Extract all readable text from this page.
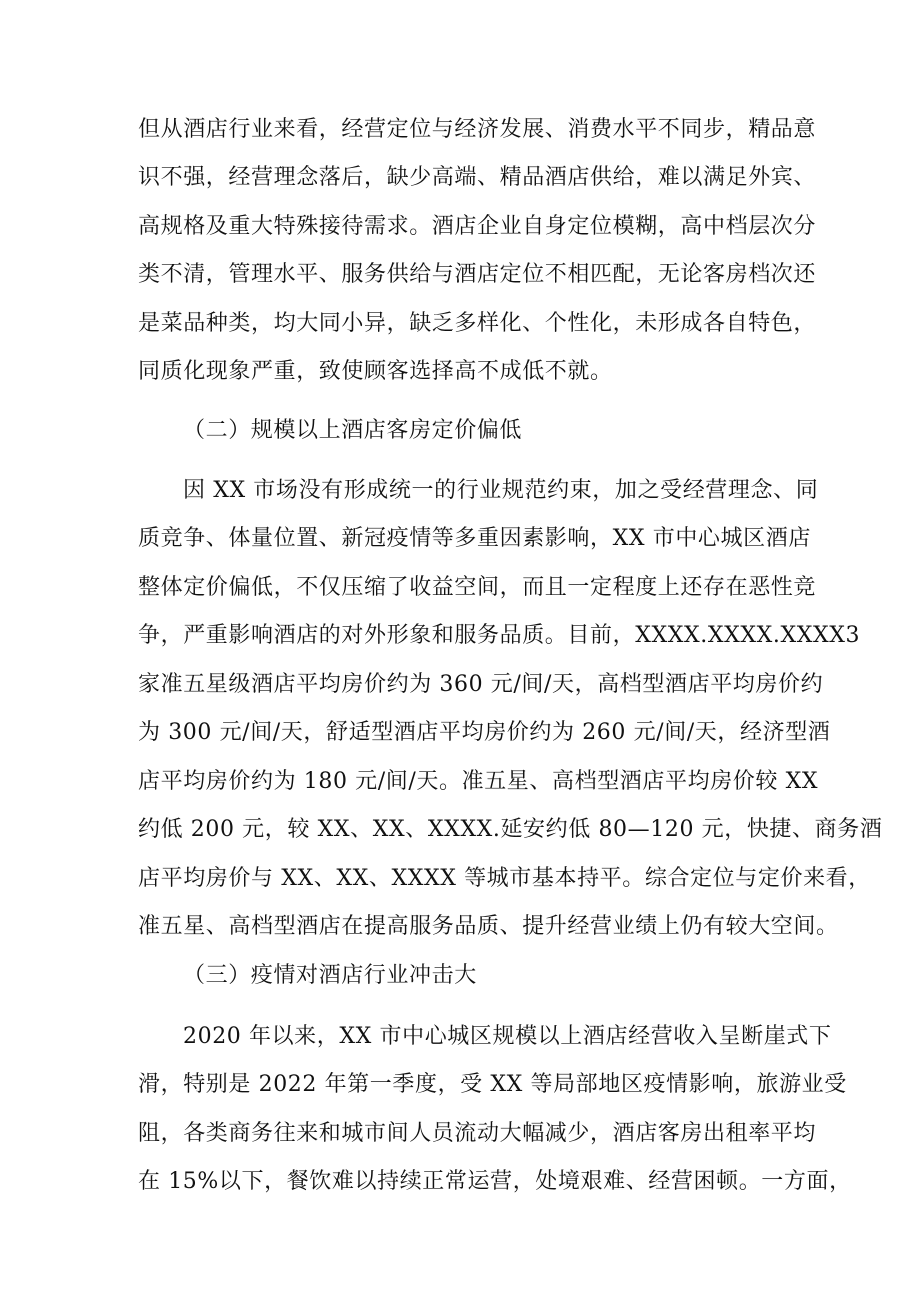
但从酒店行业来看，经营定位与经济发展、消费水平不同步，精品意
识不强，经营理念落后，缺少高端、精品酒店供给，难以满足外宾、
高规格及重大特殊接待需求。酒店企业自身定位模糊，高中档层次分
类不清，管理水平、服务供给与酒店定位不相匹配，无论客房档次还
是菜品种类，均大同小异，缺乏多样化、个性化，未形成各自特色，
同质化现象严重，致使顾客选择高不成低不就。
（二）规模以上酒店客房定价偏低
因 XX 市场没有形成统一的行业规范约束，加之受经营理念、同
质竞争、体量位置、新冠疫情等多重因素影响，XX 市中心城区酒店
整体定价偏低，不仅压缩了收益空间，而且一定程度上还存在恶性竞
争，严重影响酒店的对外形象和服务品质。目前，XXXX.XXXX.XXXX3
家准五星级酒店平均房价约为 360 元/间/天，高档型酒店平均房价约
为 300 元/间/天，舒适型酒店平均房价约为 260 元/间/天，经济型酒
店平均房价约为 180 元/间/天。准五星、高档型酒店平均房价较 XX
约低 200 元，较 XX、XX、XXXX.延安约低 80—120 元，快捷、商务酒
店平均房价与 XX、XX、XXXX 等城市基本持平。综合定位与定价来看，
准五星、高档型酒店在提高服务品质、提升经营业绩上仍有较大空间。
（三）疫情对酒店行业冲击大
2020 年以来，XX 市中心城区规模以上酒店经营收入呈断崖式下
滑，特别是 2022 年第一季度，受 XX 等局部地区疫情影响，旅游业受
阻，各类商务往来和城市间人员流动大幅减少，酒店客房出租率平均
在 15%以下，餐饮难以持续正常运营，处境艰难、经营困顿。一方面，
